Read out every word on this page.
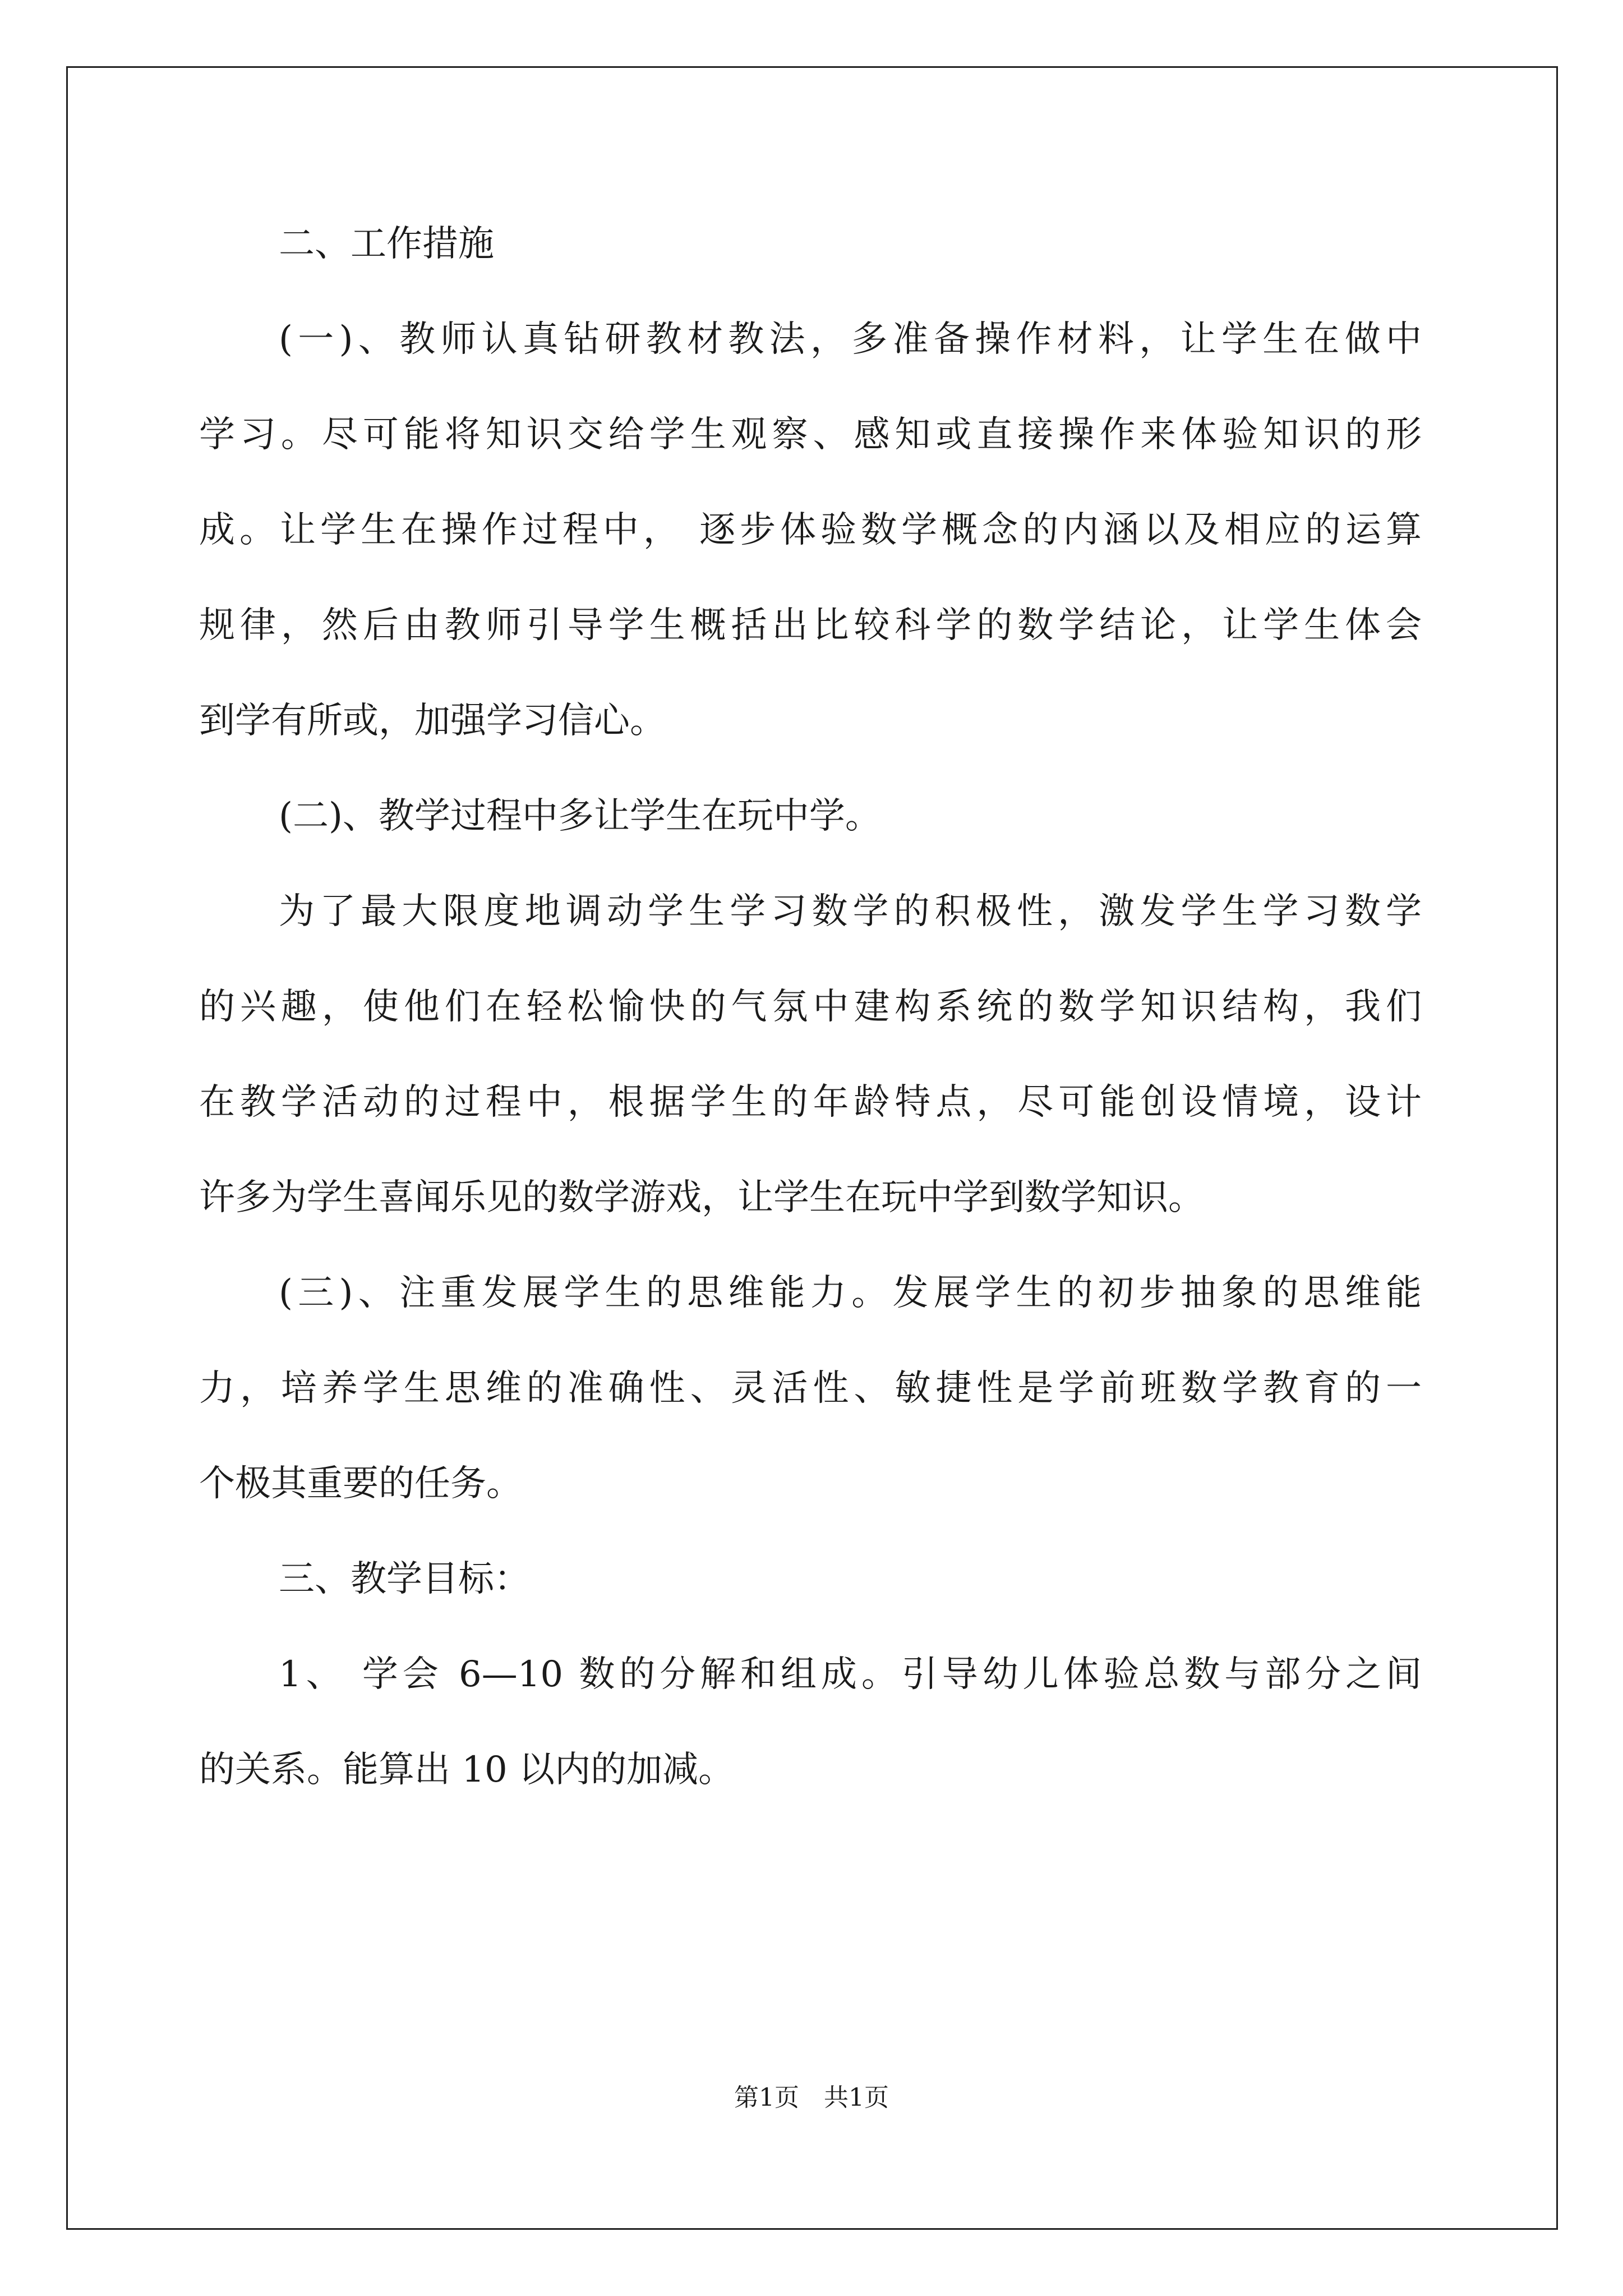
二、工作措施
(一)、教师认真钻研教材教法，多准备操作材料，让学生在做中
学习。尽可能将知识交给学生观察、感知或直接操作来体验知识的形
成。让学生在操作过程中， 逐步体验数学概念的内涵以及相应的运算
规律，然后由教师引导学生概括出比较科学的数学结论，让学生体会
到学有所或，加强学习信心。
(二)、教学过程中多让学生在玩中学。
为了最大限度地调动学生学习数学的积极性，激发学生学习数学
的兴趣，使他们在轻松愉快的气氛中建构系统的数学知识结构，我们
在教学活动的过程中，根据学生的年龄特点，尽可能创设情境，设计
许多为学生喜闻乐见的数学游戏，让学生在玩中学到数学知识。
(三)、注重发展学生的思维能力。发展学生的初步抽象的思维能
力，培养学生思维的准确性、灵活性、敏捷性是学前班数学教育的一
个极其重要的任务。
三、教学目标：
1、 学会 6—10 数的分解和组成。引导幼儿体验总数与部分之间
的关系。能算出 10 以内的加减。
第1页 共1页
